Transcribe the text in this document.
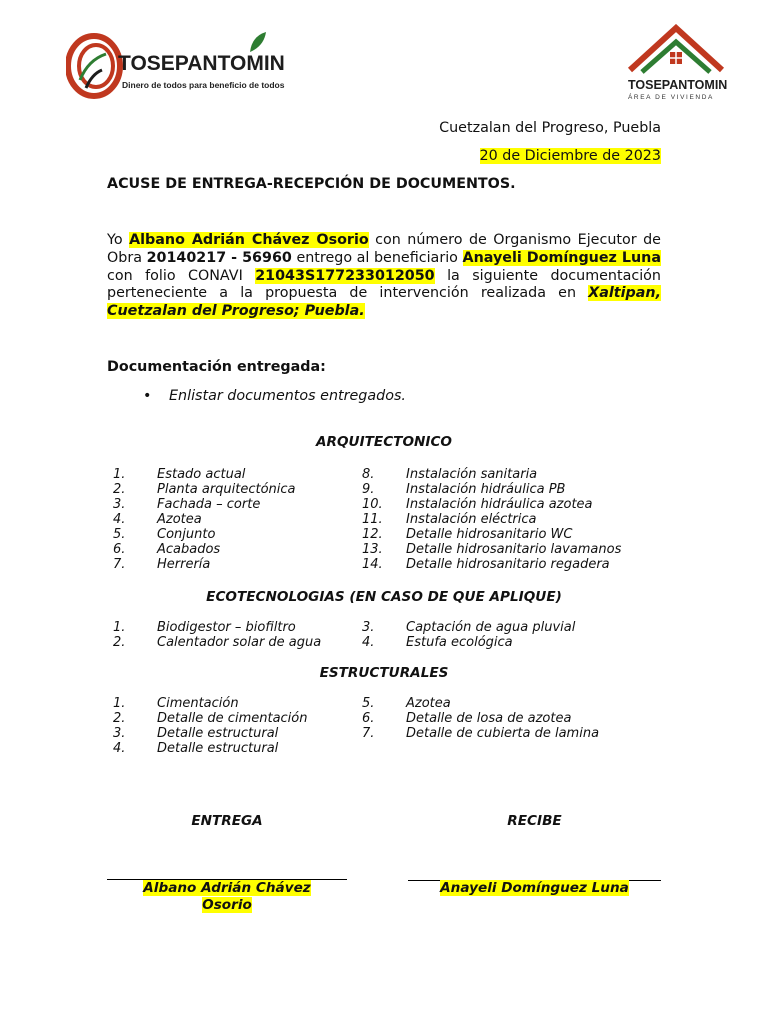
TOSEPANTOMIN
Dinero de todos para beneficio de todos	TOSEPANTOMIN
ÁREA DE VIVIENDA
Cuetzalan del Progreso, Puebla
20 de Diciembre de 2023
ACUSE DE ENTREGA-RECEPCIÓN DE DOCUMENTOS.
Yo Albano Adrián Chávez Osorio con número de Organismo Ejecutor de Obra 20140217 - 56960 entrego al beneficiario Anayeli Domínguez Luna con folio CONAVI 21043S177233012050 la siguiente documentación perteneciente a la propuesta de intervención realizada en Xaltipan, Cuetzalan del Progreso; Puebla.
Documentación entregada:
• Enlistar documentos entregados.
ARQUITECTONICO
1.	Estado actual
2.	Planta arquitectónica
3.	Fachada – corte
4.	Azotea
5.	Conjunto
6.	Acabados
7.	Herrería
8.	Instalación sanitaria
9.	Instalación hidráulica PB
10. Instalación hidráulica azotea
11. Instalación eléctrica
12. Detalle hidrosanitario WC
13. Detalle hidrosanitario lavamanos
14. Detalle hidrosanitario regadera
ECOTECNOLOGIAS (EN CASO DE QUE APLIQUE)
1.	Biodigestor – biofiltro
2.	Calentador solar de agua
3.	Captación de agua pluvial
4.	Estufa ecológica
ESTRUCTURALES
1.	Cimentación
2.	Detalle de cimentación
3.	Detalle estructural
4.	Detalle estructural
5.	Azotea
6.	Detalle de losa de azotea
7.	Detalle de cubierta de lamina
ENTREGA	RECIBE
Albano Adrián Chávez
Osorio
Anayeli Domínguez Luna
